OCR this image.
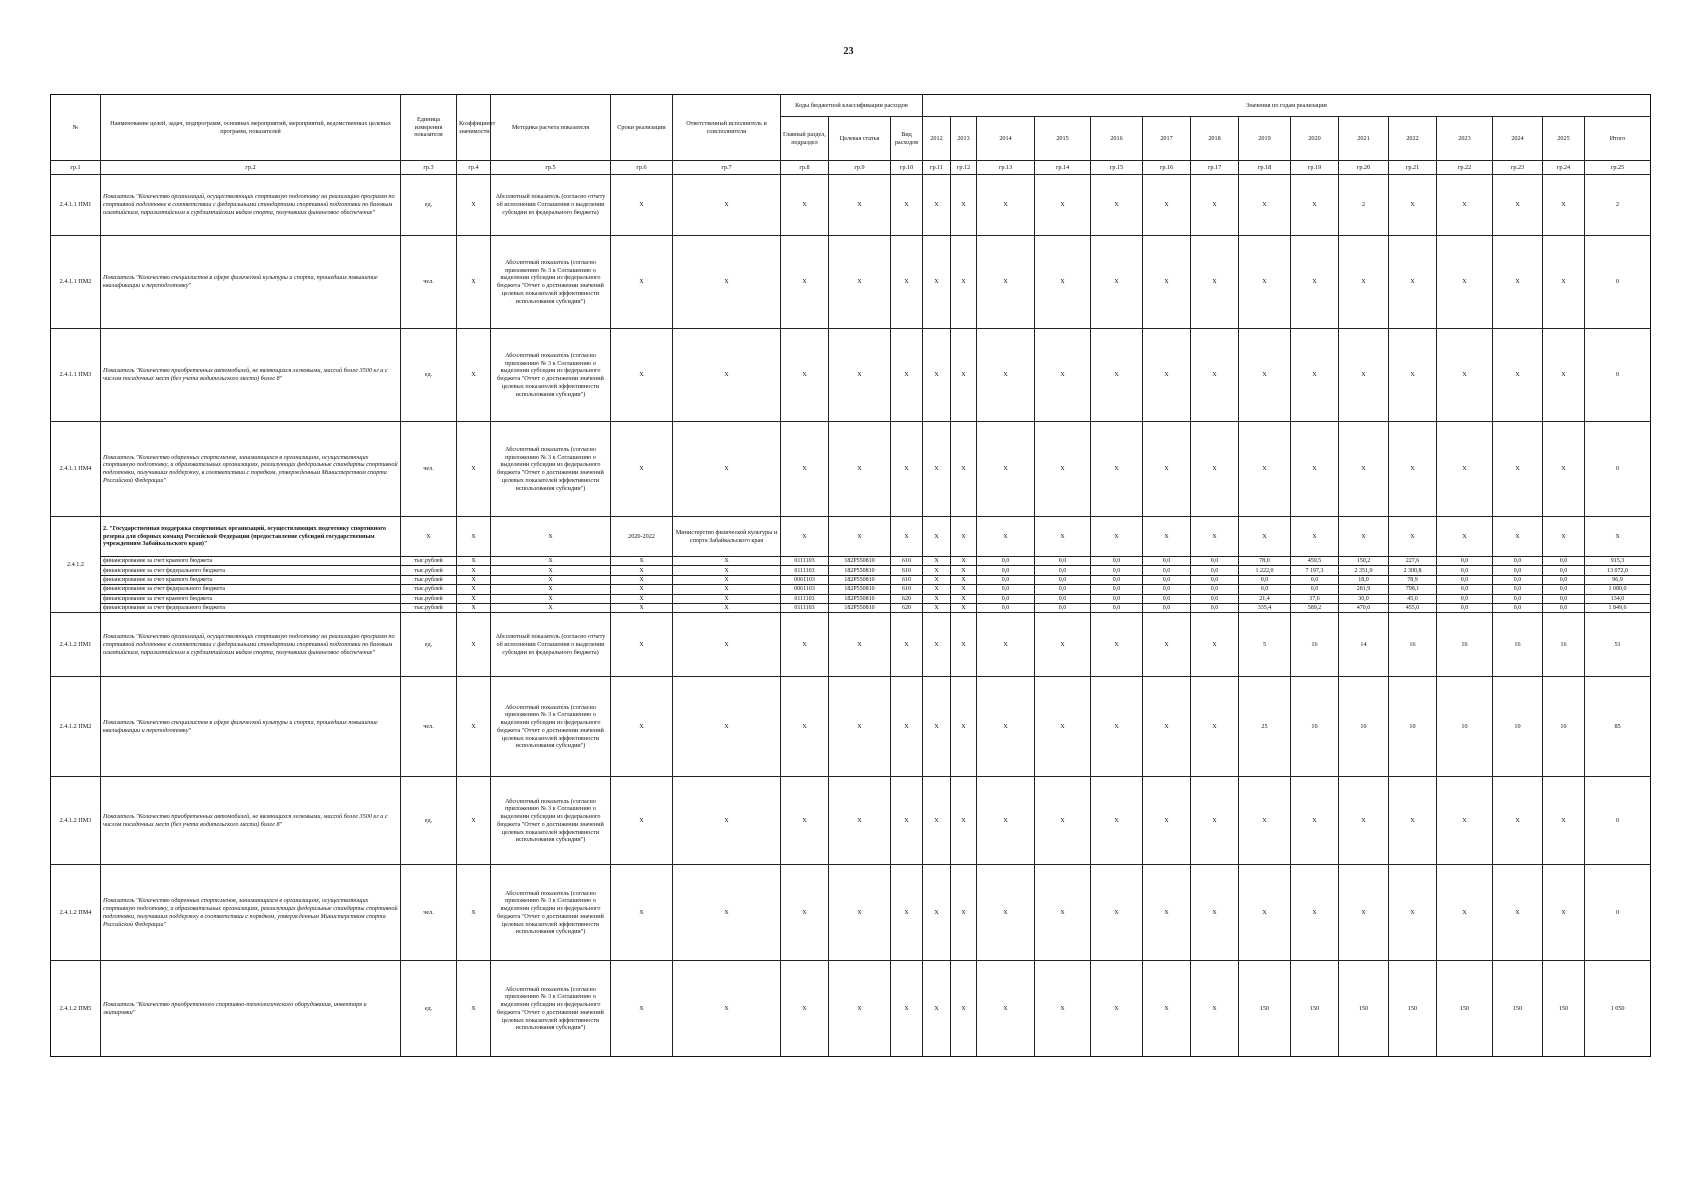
23
№	Наименование целей, задач, подпрограмм, основных мероприятий, мероприятий, ведомственных целевых программ, показателей	Единица измерения показателя	Коэффициент значимости	Методика расчета показателя	Сроки реализации	Ответственный исполнитель и соисполнители	Коды бюджетной классификации расходов			Значения по годам реализации														
							Главный раздел, подраздел	Целевая статья	Вид расходов	2012	2013	2014	2015	2016	2017	2018	2019	2020	2021	2022	2023	2024	2025	Итого
гр.1	гр.2	гр.3	гр.4	гр.5	гр.6	гр.7	гр.8	гр.9	гр.10	гр.11	гр.12	гр.13	гр.14	гр.15	гр.16	гр.17	гр.18	гр.19	гр.20	гр.21	гр.22	гр.23	гр.24	гр.25
2.4.1.1 ПМ1	Показатель "Количество организаций, осуществляющих спортивную подготовку на реализацию программ по спортивной подготовке в соответствии с федеральными стандартами спортивной подготовки по базовым олимпийским, паралимпийским и сурдлимпийским видам спорта, получивших финансовое обеспечение"	ед.	X	Абсолютный показатель (согласно отчету об исполнении Соглашения о выделении субсидии из федерального бюджета)	X	X	X	X	X	X	X	X	X	X	X	X	X	X	2	X	X	X	X	2
2.4.1.1 ПМ2	Показатель "Количество специалистов в сфере физической культуры и спорта, прошедших повышение квалификации и переподготовку"	чел.	X	Абсолютный показатель (согласно приложению № 3 к Соглашению о выделении субсидии из федерального бюджета "Отчет о достижении значений целевых показателей эффективности использования субсидии")	X	X	X	X	X	X	X	X	X	X	X	X	X	X	X	X	X	X	X	0
2.4.1.1 ПМ3	Показатель "Количество приобретенных автомобилей, не являющихся легковыми, массой более 3500 кг и с числом посадочных мест (без учета водительского места) более 8"	ед.	X	Абсолютный показатель (согласно приложению № 3 к Соглашению о выделении субсидии из федерального бюджета "Отчет о достижении значений целевых показателей эффективности использования субсидии")	X	X	X	X	X	X	X	X	X	X	X	X	X	X	X	X	X	X	X	0
2.4.1.1 ПМ4	Показатель "Количество одаренных спортсменов, занимающихся в организациях, осуществляющих спортивную подготовку, и образовательных организациях, реализующих федеральные стандарты спортивной подготовки, получивших поддержку, в соответствии с порядком, утвержденным Министерством спорта Российской Федерации"	чел.	X	Абсолютный показатель (согласно приложению № 3 к Соглашению о выделении субсидии из федерального бюджета "Отчет о достижении значений целевых показателей эффективности использования субсидии")	X	X	X	X	X	X	X	X	X	X	X	X	X	X	X	X	X	X	X	0
2.4.1.2	2. "Государственная поддержка спортивных организаций, осуществляющих подготовку спортивного резерва для сборных команд Российской Федерации (предоставление субсидий государственным учреждениям Забайкальского края)"	X	X	X	2020-2022	Министерство физической культуры и спорта Забайкальского края	X	X	X	X	X	X	X	X	X	X	X	X	X	X	X	X	X	X
	финансирование за счет краевого бюджета	тыс.рублей	X	X	X	X	0111103	182P550810	610	X	X	0,0	0,0	0,0	0,0	0,0	78,0	459,5	150,2	227,6	0,0	0,0	0,0	915,3
	финансирование за счет федерального бюджета	тыс.рублей	X	X	X	X	0111103	182P550810	610	X	X	0,0	0,0	0,0	0,0	0,0	1 222,0	7 197,3	2 351,9	2 300,8	0,0	0,0	0,0	13 072,0
	финансирование за счет краевого бюджета	тыс.рублей	X	X	X	X	0061103	182P550810	610	X	X	0,0	0,0	0,0	0,0	0,0	0,0	0,0	18,0	78,9	0,0	0,0	0,0	96,9
	финансирование за счет федерального бюджета	тыс.рублей	X	X	X	X	0061103	182P550810	610	X	X	0,0	0,0	0,0	0,0	0,0	0,0	0,0	281,9	798,1	0,0	0,0	0,0	1 080,0
	финансирование за счет краевого бюджета	тыс.рублей	X	X	X	X	0111103	182P550810	620	X	X	0,0	0,0	0,0	0,0	0,0	21,4	37,6	30,0	45,0	0,0	0,0	0,0	134,0
	финансирование за счет федерального бюджета	тыс.рублей	X	X	X	X	0111103	182P550810	620	X	X	0,0	0,0	0,0	0,0	0,0	335,4	589,2	470,0	455,0	0,0	0,0	0,0	1 849,6
2.4.1.2 ПМ1	Показатель "Количество организаций, осуществляющих спортивную подготовку на реализацию программ по спортивной подготовке в соответствии с федеральными стандартами спортивной подготовки по базовым олимпийским, паралимпийским и сурдлимпийским видам спорта, получивших финансовое обеспечение"	ед.	X	Абсолютный показатель (согласно отчету об исполнении Соглашения о выделении субсидии из федерального бюджета)	X	X	X	X	X	X	X	X	X	X	X	X	5	16	14	16	16	16	16	51
2.4.1.2 ПМ2	Показатель "Количество специалистов в сфере физической культуры и спорта, прошедших повышение квалификации и переподготовку"	чел.	X	Абсолютный показатель (согласно приложению № 3 к Соглашению о выделении субсидии из федерального бюджета "Отчет о достижении значений целевых показателей эффективности использования субсидии")	X	X	X	X	X	X	X	X	X	X	X	X	25	10	10	10	10	10	10	85
2.4.1.2 ПМ3	Показатель "Количество приобретенных автомобилей, не являющихся легковыми, массой более 3500 кг и с числом посадочных мест (без учета водительского места) более 8"	ед.	X	Абсолютный показатель (согласно приложению № 3 к Соглашению о выделении субсидии из федерального бюджета "Отчет о достижении значений целевых показателей эффективности использования субсидии")	X	X	X	X	X	X	X	X	X	X	X	X	X	X	X	X	X	X	X	0
2.4.1.2 ПМ4	Показатель "Количество одаренных спортсменов, занимающихся в организациях, осуществляющих спортивную подготовку, и образовательных организациях, реализующих федеральные стандарты спортивной подготовки, получивших поддержку в соответствии с порядком, утвержденным Министерством спорта Российской Федерации"	чел.	X	Абсолютный показатель (согласно приложению № 3 к Соглашению о выделении субсидии из федерального бюджета "Отчет о достижении значений целевых показателей эффективности использования субсидии")	X	X	X	X	X	X	X	X	X	X	X	X	X	X	X	X	X	X	X	0
2.4.1.2 ПМ5	Показатель "Количество приобретенного спортивно-технологического оборудования, инвентаря и экипировки"	ед.	X	Абсолютный показатель (согласно приложению № 3 к Соглашению о выделении субсидии из федерального бюджета "Отчет о достижении значений целевых показателей эффективности использования субсидии")	X	X	X	X	X	X	X	X	X	X	X	X	150	150	150	150	150	150	150	1 050
